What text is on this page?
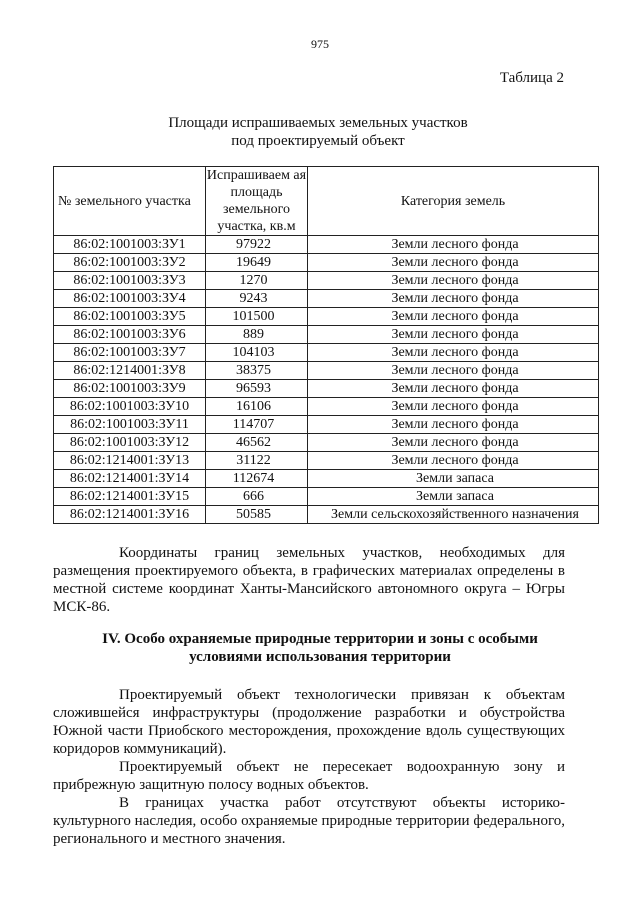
975
Таблица 2
Площади испрашиваемых земельных участков
под проектируемый объект
№ земельного участка	Испрашиваем ая площадь земельного участка, кв.м	Категория земель
86:02:1001003:ЗУ1	97922	Земли лесного фонда
86:02:1001003:ЗУ2	19649	Земли лесного фонда
86:02:1001003:ЗУ3	1270	Земли лесного фонда
86:02:1001003:ЗУ4	9243	Земли лесного фонда
86:02:1001003:ЗУ5	101500	Земли лесного фонда
86:02:1001003:ЗУ6	889	Земли лесного фонда
86:02:1001003:ЗУ7	104103	Земли лесного фонда
86:02:1214001:ЗУ8	38375	Земли лесного фонда
86:02:1001003:ЗУ9	96593	Земли лесного фонда
86:02:1001003:ЗУ10	16106	Земли лесного фонда
86:02:1001003:ЗУ11	114707	Земли лесного фонда
86:02:1001003:ЗУ12	46562	Земли лесного фонда
86:02:1214001:ЗУ13	31122	Земли лесного фонда
86:02:1214001:ЗУ14	112674	Земли запаса
86:02:1214001:ЗУ15	666	Земли запаса
86:02:1214001:ЗУ16	50585	Земли сельскохозяйственного назначения
Координаты границ земельных участков, необходимых для размещения проектируемого объекта, в графических материалах определены в местной системе координат Ханты-Мансийского автономного округа – Югры МСК-86.
IV. Особо охраняемые природные территории и зоны с особыми
условиями использования территории
Проектируемый объект технологически привязан к объектам сложившейся инфраструктуры (продолжение разработки и обустройства Южной части Приобского месторождения, прохождение вдоль существующих коридоров коммуникаций).
Проектируемый объект не пересекает водоохранную зону и прибрежную защитную полосу водных объектов.
В границах участка работ отсутствуют объекты историко-культурного наследия, особо охраняемые природные территории федерального, регионального и местного значения.
